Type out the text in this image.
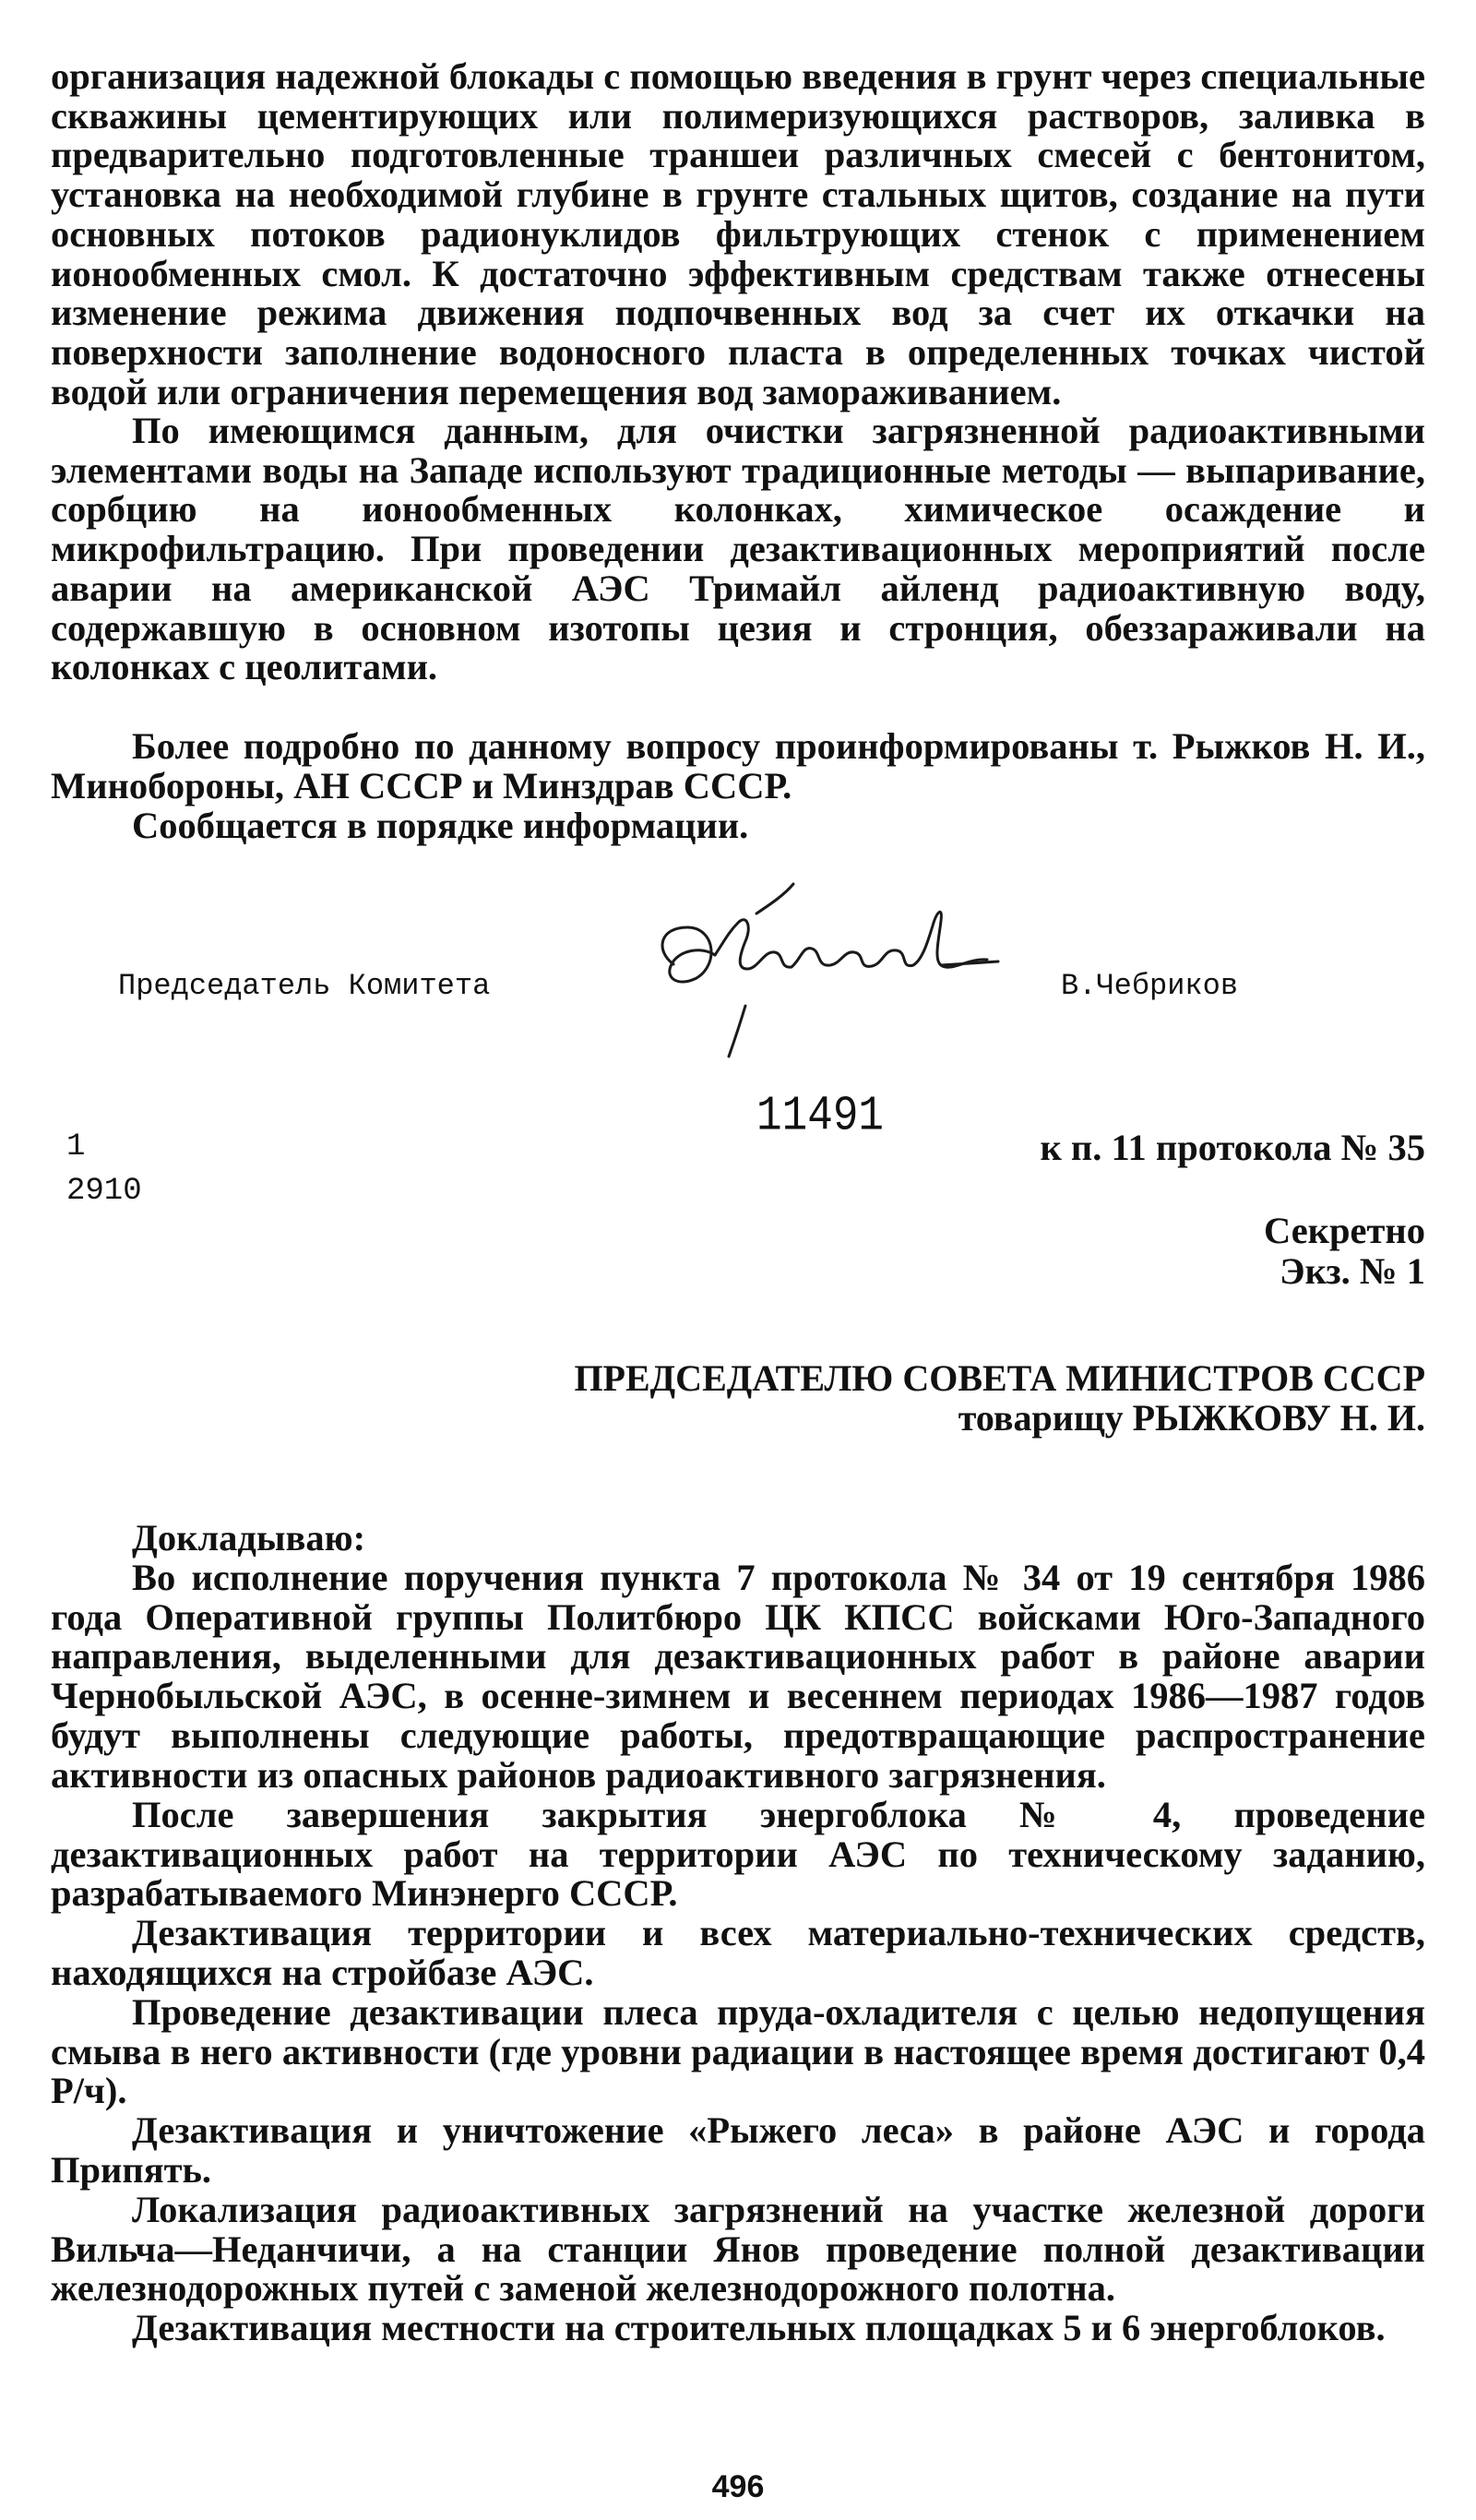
организация надежной блокады с помощью введения в грунт через специальные скважины цементирующих или полимеризующихся растворов, заливка в предварительно подготовленные траншеи различных смесей с бентонитом, установка на необходимой глубине в грунте стальных щитов, создание на пути основных потоков радионуклидов фильтрующих стенок с применением ионообменных смол. К достаточно эффективным средствам также отнесены изменение режима движения подпочвенных вод за счет их откачки на поверхности заполнение водоносного пласта в определенных точках чистой водой или ограничения перемещения вод замораживанием.

По имеющимся данным, для очистки загрязненной радиоактивными элементами воды на Западе используют традиционные методы — выпаривание, сорбцию на ионообменных колонках, химическое осаждение и микрофильтрацию. При проведении дезактивационных мероприятий после аварии на американской АЭС Тримайл айленд радиоактивную воду, содержавшую в основном изотопы цезия и стронция, обеззараживали на колонках с цеолитами.

Более подробно по данному вопросу проинформированы т. Рыжков Н. И., Минобороны, АН СССР и Минздрав СССР.

Сообщается в порядке информации.

Председатель Комитета	В.Чебриков
11491
1
2910
к п. 11 протокола № 35
Секретно
Экз. № 1
ПРЕДСЕДАТЕЛЮ СОВЕТА МИНИСТРОВ СССР
товарищу РЫЖКОВУ Н. И.

Докладываю:

Во исполнение поручения пункта 7 протокола № 34 от 19 сентября 1986 года Оперативной группы Политбюро ЦК КПСС войсками Юго-Западного направления, выделенными для дезактивационных работ в районе аварии Чернобыльской АЭС, в осенне-зимнем и весеннем периодах 1986—1987 годов будут выполнены следующие работы, предотвращающие распространение активности из опасных районов радиоактивного загрязнения.

После завершения закрытия энергоблока № 4, проведение дезактивационных работ на территории АЭС по техническому заданию, разрабатываемого Минэнерго СССР.

Дезактивация территории и всех материально-технических средств, находящихся на стройбазе АЭС.

Проведение дезактивации плеса пруда-охладителя с целью недопущения смыва в него активности (где уровни радиации в настоящее время достигают 0,4 Р/ч).

Дезактивация и уничтожение «Рыжего леса» в районе АЭС и города Припять.

Локализация радиоактивных загрязнений на участке железной дороги Вильча—Неданчичи, а на станции Янов проведение полной дезактивации железнодорожных путей с заменой железнодорожного полотна.

Дезактивация местности на строительных площадках 5 и 6 энергоблоков.

496
